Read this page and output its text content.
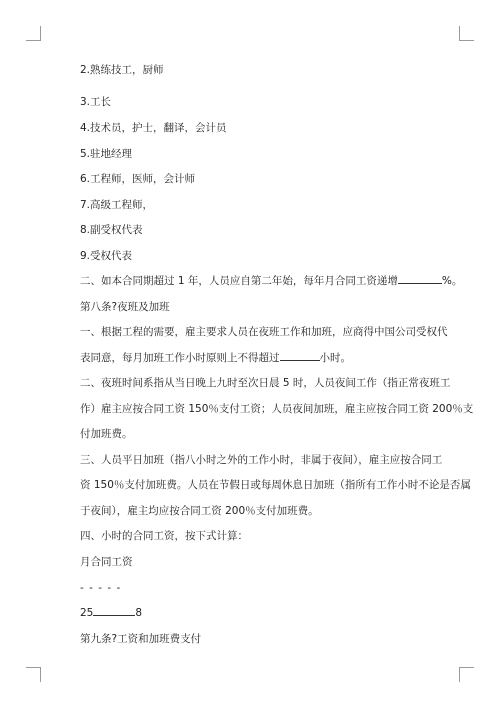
2.熟练技工，厨师
3.工长
4.技术员，护士，翻译，会计员
5.驻地经理
6.工程师，医师，会计师
7.高级工程师，
8.副受权代表
9.受权代表
二、如本合同期超过 1 年，人员应自第二年始，每年月合同工资递增	%。
第八条?夜班及加班
一、根据工程的需要，雇主要求人员在夜班工作和加班，应商得中国公司受权代
表同意，每月加班工作小时原则上不得超过	小时。
二、夜班时间系指从当日晚上九时至次日晨 5 时，人员夜间工作（指正常夜班工
作）雇主应按合同工资 150％支付工资；人员夜间加班，雇主应按合同工资 200％支
付加班费。
三、人员平日加班（指八小时之外的工作小时，非属于夜间），雇主应按合同工
资 150％支付加班费。人员在节假日或每周休息日加班（指所有工作小时不论是否属
于夜间），雇主均应按合同工资 200％支付加班费。
四、小时的合同工资，按下式计算：
月合同工资
- - - - -
25	8
第九条?工资和加班费支付
